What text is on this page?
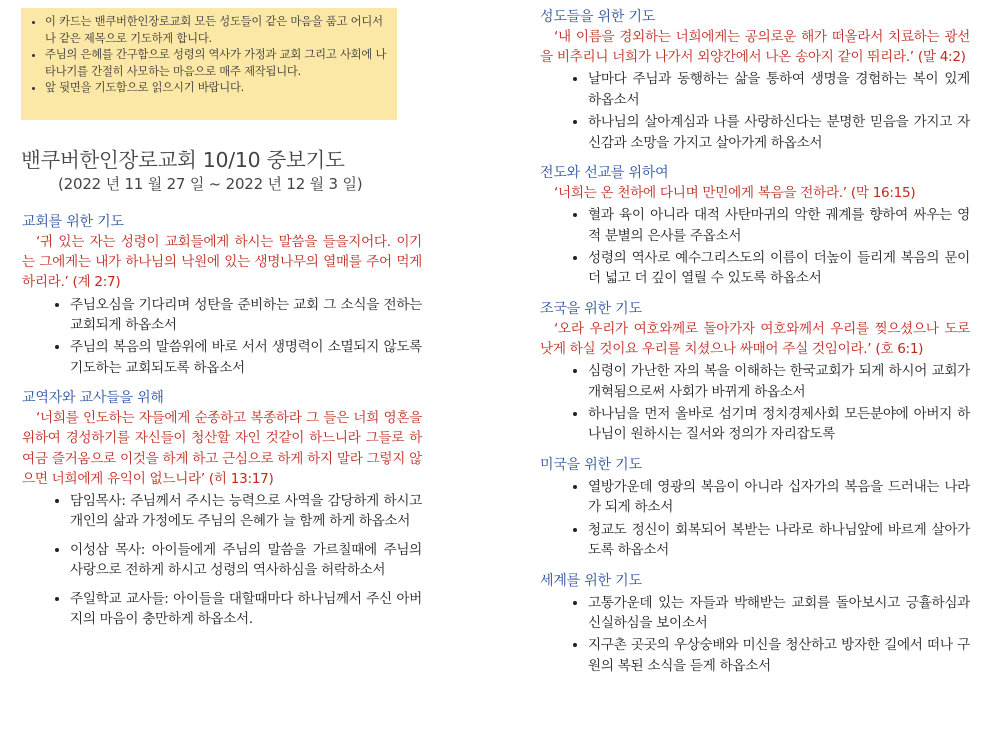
• 이 카드는 밴쿠버한인장로교회 모든 성도들이 같은 마음을 품고 어디서나 같은 제목으로 기도하게 합니다.
• 주님의 은혜를 간구함으로 성령의 역사가 가정과 교회 그리고 사회에 나타나기를 간절히 사모하는 마음으로 매주 제작됩니다.
• 앞 뒷면을 기도함으로 읽으시기 바랍니다.
밴쿠버한인장로교회 10/10 중보기도
(2022 년 11 월 27 일 ~ 2022 년 12 월 3 일)
교회를 위한 기도
‘귀 있는 자는 성령이 교회들에게 하시는 말씀을 들을지어다. 이기는 그에게는 내가 하나님의 낙원에 있는 생명나무의 열매를 주어 먹게 하리라.’ (계 2:7)
• 주님오심을 기다리며 성탄을 준비하는 교회 그 소식을 전하는 교회되게 하옵소서
• 주님의 복음의 말씀위에 바로 서서 생명력이 소멸되지 않도록 기도하는 교회되도록 하옵소서
교역자와 교사들을 위해
‘너희를 인도하는 자들에게 순종하고 복종하라 그 들은 너희 영혼을 위하여 경성하기를 자신들이 청산할 자인 것같이 하느니라 그들로 하여금 즐거움으로 이것을 하게 하고 근심으로 하게 하지 말라 그렇지 않으면 너희에게 유익이 없느니라’ (히 13:17)
• 담임목사: 주님께서 주시는 능력으로 사역을 감당하게 하시고 개인의 삶과 가정에도 주님의 은혜가 늘 함께 하게 하옵소서
• 이성삼 목사: 아이들에게 주님의 말씀을 가르칠때에 주님의 사랑으로 전하게 하시고 성령의 역사하심을 허락하소서
• 주일학교 교사들: 아이들을 대할때마다 하나님께서 주신 아버지의 마음이 충만하게 하옵소서.
성도들을 위한 기도
‘내 이름을 경외하는 너희에게는 공의로운 해가 떠올라서 치료하는 광선을 비추리니 너희가 나가서 외양간에서 나온 송아지 같이 뛰리라.’ (말 4:2)
• 날마다 주님과 동행하는 삶을 통하여 생명을 경험하는 복이 있게 하옵소서
• 하나님의 살아계심과 나를 사랑하신다는 분명한 믿음을 가지고 자신감과 소망을 가지고 살아가게 하옵소서
전도와 선교를 위하여
‘너희는 온 천하에 다니며 만민에게 복음을 전하라.’ (막 16:15)
• 혈과 육이 아니라 대적 사탄마귀의 악한 궤계를 향하여 싸우는 영적 분별의 은사를 주옵소서
• 성령의 역사로 예수그리스도의 이름이 더높이 들리게 복음의 문이 더 넓고 더 깊이 열릴 수 있도록 하옵소서
조국을 위한 기도
‘오라 우리가 여호와께로 돌아가자 여호와께서 우리를 찢으셨으나 도로 낫게 하실 것이요 우리를 치셨으나 싸매어 주실 것임이라.’ (호 6:1)
• 심령이 가난한 자의 복을 이해하는 한국교회가 되게 하시어 교회가 개혁됨으로써 사회가 바뀌게 하옵소서
• 하나님을 먼저 올바로 섬기며 정치경제사회 모든분야에 아버지 하나님이 원하시는 질서와 정의가 자리잡도록
미국을 위한 기도
• 열방가운데 영광의 복음이 아니라 십자가의 복음을 드러내는 나라가 되게 하소서
• 청교도 정신이 회복되어 복받는 나라로 하나님앞에 바르게 살아가도록 하옵소서
세계를 위한 기도
• 고통가운데 있는 자들과 박해받는 교회를 돌아보시고 긍휼하심과 신실하심을 보이소서
• 지구촌 곳곳의 우상숭배와 미신을 청산하고 방자한 길에서 떠나 구원의 복된 소식을 듣게 하옵소서
